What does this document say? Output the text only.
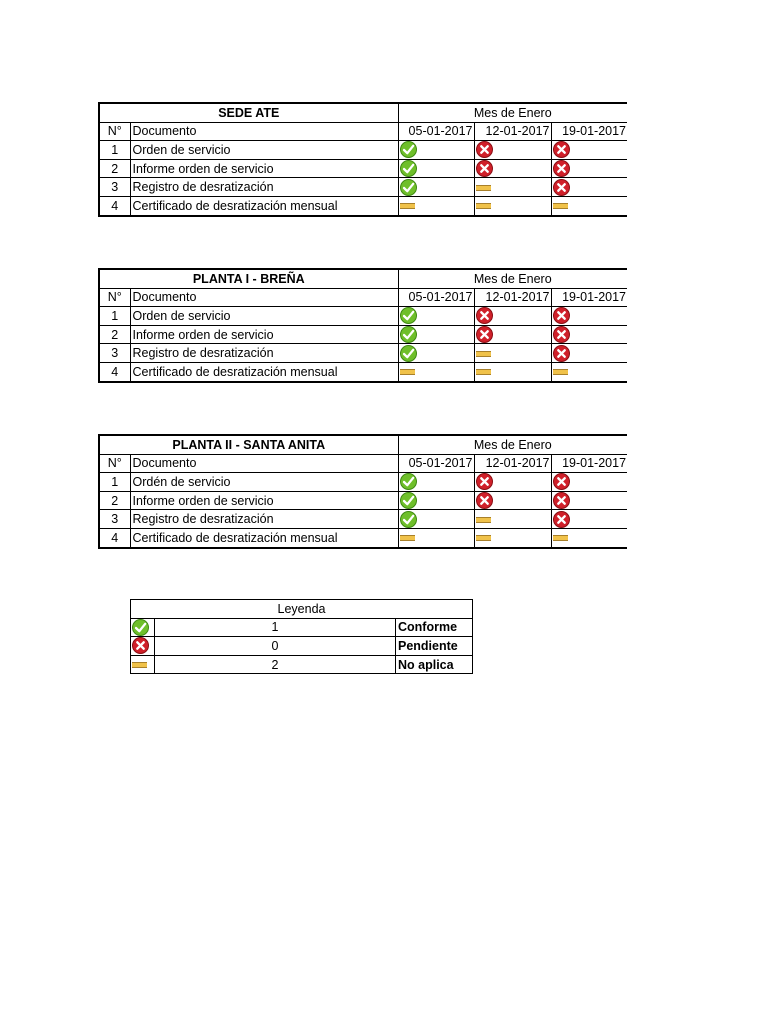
SEDE ATE		Mes de Enero		
N°	Documento	05-01-2017	12-01-2017	19-01-2017
1	Orden de servicio			
2	Informe orden de servicio			
3	Registro de desratización			
4	Certificado de desratización mensual			
PLANTA I - BREÑA		Mes de Enero		
N°	Documento	05-01-2017	12-01-2017	19-01-2017
1	Orden de servicio			
2	Informe orden de servicio			
3	Registro de desratización			
4	Certificado de desratización mensual			
PLANTA II - SANTA ANITA		Mes de Enero		
N°	Documento	05-01-2017	12-01-2017	19-01-2017
1	Ordén de servicio			
2	Informe orden de servicio			
3	Registro de desratización			
4	Certificado de desratización mensual			
Leyenda		
	1	Conforme
	0	Pendiente
	2	No aplica
